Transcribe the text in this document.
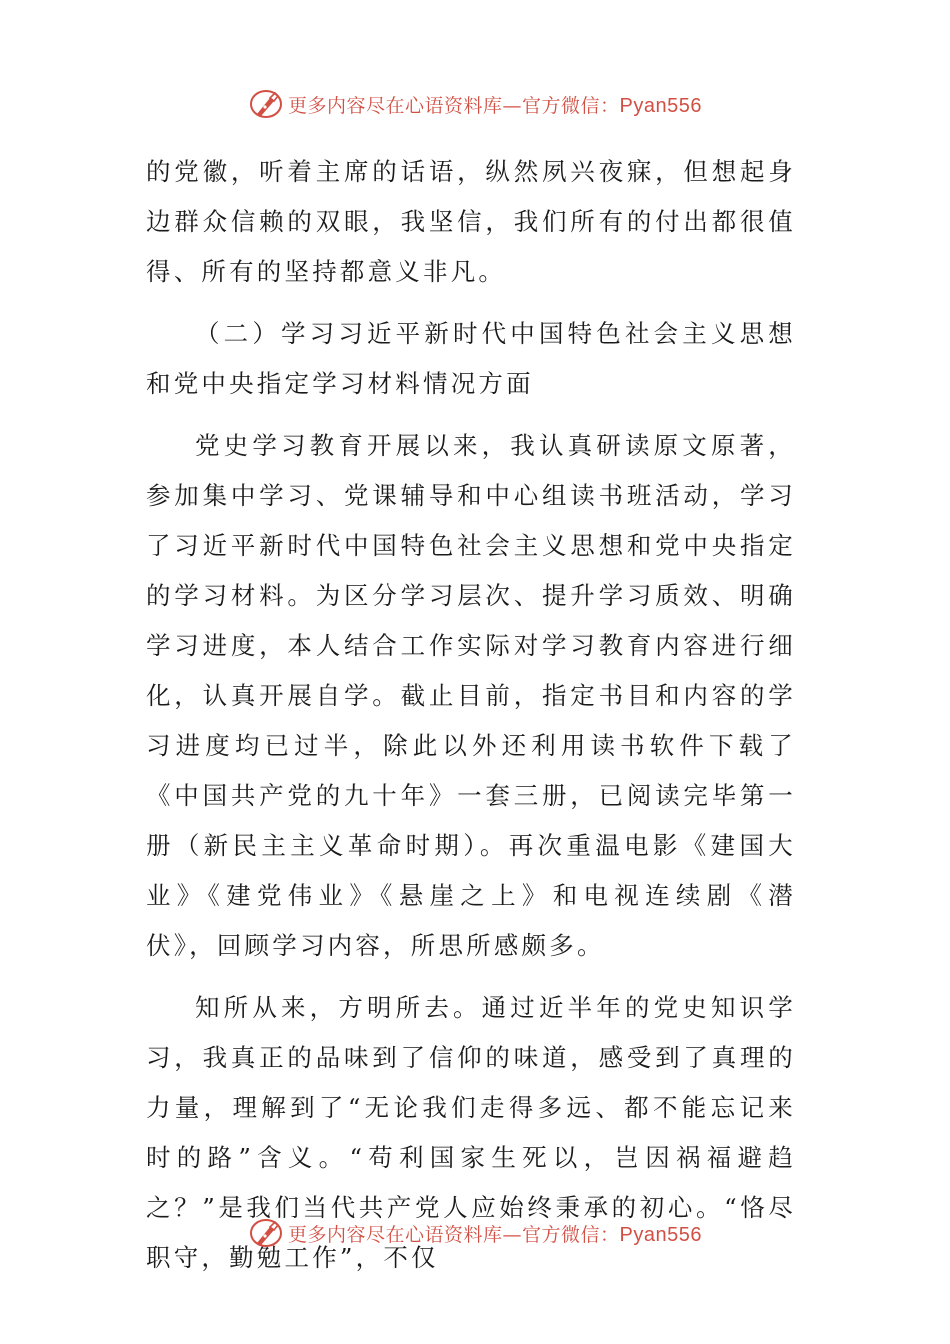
更多内容尽在心语资料库—官方微信：Pyan556

的党徽，听着主席的话语，纵然夙兴夜寐，但想起身边群众信赖的双眼，我坚信，我们所有的付出都很值得、所有的坚持都意义非凡。

（二）学习习近平新时代中国特色社会主义思想和党中央指定学习材料情况方面

党史学习教育开展以来，我认真研读原文原著，参加集中学习、党课辅导和中心组读书班活动，学习了习近平新时代中国特色社会主义思想和党中央指定的学习材料。为区分学习层次、提升学习质效、明确学习进度，本人结合工作实际对学习教育内容进行细化，认真开展自学。截止目前，指定书目和内容的学习进度均已过半，除此以外还利用读书软件下载了《中国共产党的九十年》一套三册，已阅读完毕第一册（新民主主义革命时期）。再次重温电影《建国大业》《建党伟业》《悬崖之上》和电视连续剧《潜伏》，回顾学习内容，所思所感颇多。

知所从来，方明所去。通过近半年的党史知识学习，我真正的品味到了信仰的味道，感受到了真理的力量，理解到了“无论我们走得多远、都不能忘记来时的路”含义。“苟利国家生死以，岂因祸福避趋之？”是我们当代共产党人应始终秉承的初心。“恪尽职守，勤勉工作”，不仅

更多内容尽在心语资料库—官方微信：Pyan556
